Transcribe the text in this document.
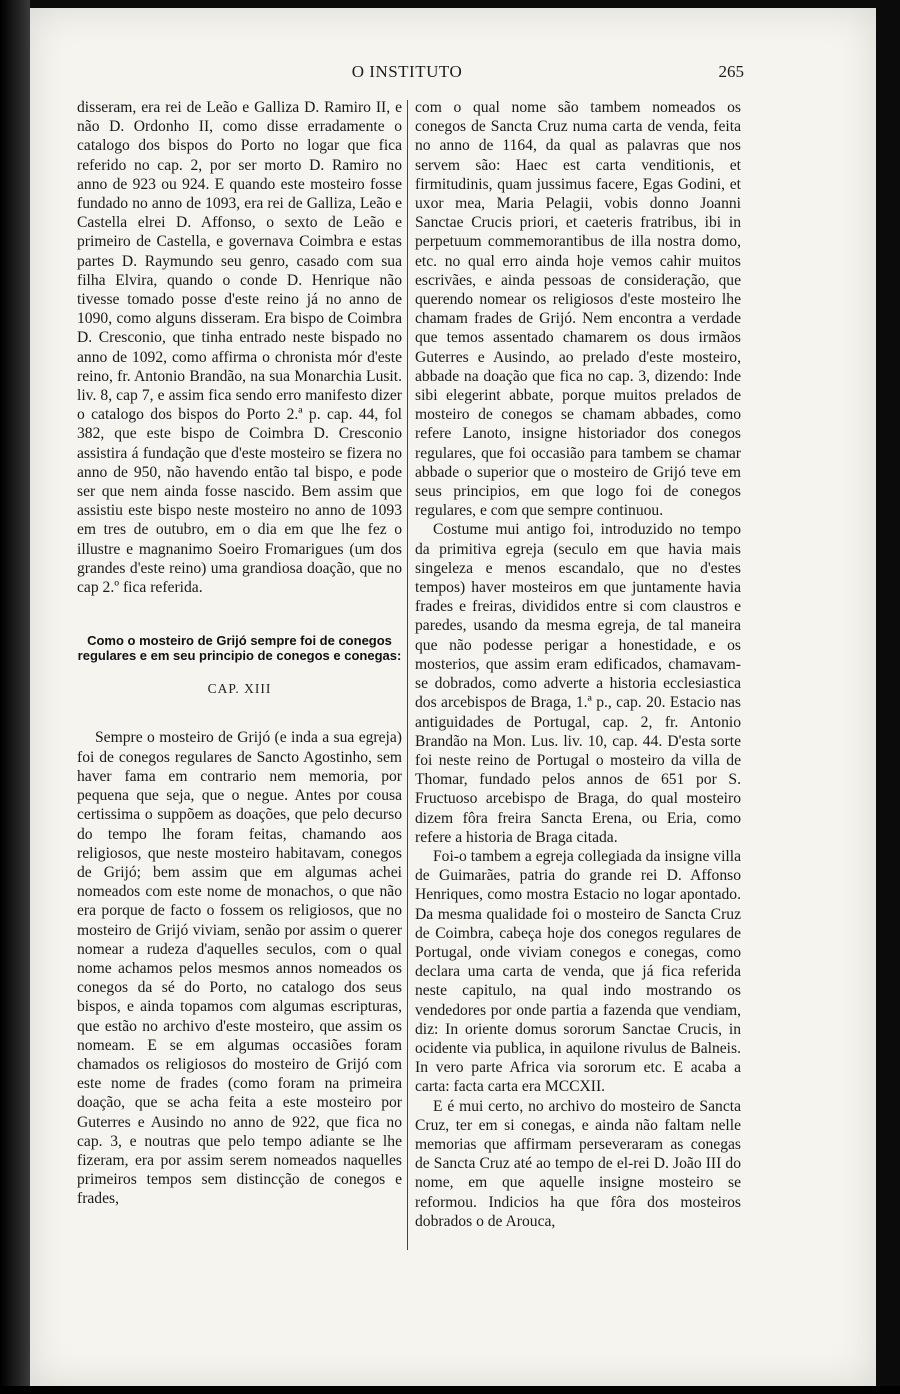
O INSTITUTO	265

disseram, era rei de Leão e Galliza D. Ramiro II, e não D. Ordonho II, como disse erradamente o catalogo dos bispos do Porto no logar que fica referido no cap. 2, por ser morto D. Ramiro no anno de 923 ou 924. E quando este mosteiro fosse fundado no anno de 1093, era rei de Galliza, Leão e Castella elrei D. Affonso, o sexto de Leão e primeiro de Castella, e governava Coimbra e estas partes D. Raymundo seu genro, casado com sua filha Elvira, quando o conde D. Henrique não tivesse tomado posse d'este reino já no anno de 1090, como alguns disseram. Era bispo de Coimbra D. Cresconio, que tinha entrado neste bispado no anno de 1092, como affirma o chronista mór d'este reino, fr. Antonio Brandão, na sua Monarchia Lusit. liv. 8, cap 7, e assim fica sendo erro manifesto dizer o catalogo dos bispos do Porto 2.ª p. cap. 44, fol 382, que este bispo de Coimbra D. Cresconio assistira á fundação que d'este mosteiro se fizera no anno de 950, não havendo então tal bispo, e pode ser que nem ainda fosse nascido. Bem assim que assistiu este bispo neste mosteiro no anno de 1093 em tres de outubro, em o dia em que lhe fez o illustre e magnanimo Soeiro Fromarigues (um dos grandes d'este reino) uma grandiosa doação, que no cap 2.º fica referida.

Como o mosteiro de Grijó sempre foi de conegos regulares e em seu principio de conegos e conegas:
CAP. XIII

Sempre o mosteiro de Grijó (e inda a sua egreja) foi de conegos regulares de Sancto Agostinho, sem haver fama em contrario nem memoria, por pequena que seja, que o negue. Antes por cousa certissima o suppõem as doações, que pelo decurso do tempo lhe foram feitas, chamando aos religiosos, que neste mosteiro habitavam, conegos de Grijó; bem assim que em algumas achei nomeados com este nome de monachos, o que não era porque de facto o fossem os religiosos, que no mosteiro de Grijó viviam, senão por assim o querer nomear a rudeza d'aquelles seculos, com o qual nome achamos pelos mesmos annos nomeados os conegos da sé do Porto, no catalogo dos seus bispos, e ainda topamos com algumas escripturas, que estão no archivo d'este mosteiro, que assim os nomeam. E se em algumas occasiões foram chamados os religiosos do mosteiro de Grijó com este nome de frades (como foram na primeira doação, que se acha feita a este mosteiro por Guterres e Ausindo no anno de 922, que fica no cap. 3, e noutras que pelo tempo adiante se lhe fizeram, era por assim serem nomeados naquelles primeiros tempos sem distincção de conegos e frades,

com o qual nome são tambem nomeados os conegos de Sancta Cruz numa carta de venda, feita no anno de 1164, da qual as palavras que nos servem são: Haec est carta venditionis, et firmitudinis, quam jussimus facere, Egas Godini, et uxor mea, Maria Pelagii, vobis donno Joanni Sanctae Crucis priori, et caeteris fratribus, ibi in perpetuum commemorantibus de illa nostra domo, etc. no qual erro ainda hoje vemos cahir muitos escrivães, e ainda pessoas de consideração, que querendo nomear os religiosos d'este mosteiro lhe chamam frades de Grijó. Nem encontra a verdade que temos assentado chamarem os dous irmãos Guterres e Ausindo, ao prelado d'este mosteiro, abbade na doação que fica no cap. 3, dizendo: Inde sibi elegerint abbate, porque muitos prelados de mosteiro de conegos se chamam abbades, como refere Lanoto, insigne historiador dos conegos regulares, que foi occasião para tambem se chamar abbade o superior que o mosteiro de Grijó teve em seus principios, em que logo foi de conegos regulares, e com que sempre continuou.

Costume mui antigo foi, introduzido no tempo da primitiva egreja (seculo em que havia mais singeleza e menos escandalo, que no d'estes tempos) haver mosteiros em que juntamente havia frades e freiras, divididos entre si com claustros e paredes, usando da mesma egreja, de tal maneira que não podesse perigar a honestidade, e os mosterios, que assim eram edificados, chamavam-se dobrados, como adverte a historia ecclesiastica dos arcebispos de Braga, 1.ª p., cap. 20. Estacio nas antiguidades de Portugal, cap. 2, fr. Antonio Brandão na Mon. Lus. liv. 10, cap. 44. D'esta sorte foi neste reino de Portugal o mosteiro da villa de Thomar, fundado pelos annos de 651 por S. Fructuoso arcebispo de Braga, do qual mosteiro dizem fôra freira Sancta Erena, ou Eria, como refere a historia de Braga citada.

Foi-o tambem a egreja collegiada da insigne villa de Guimarães, patria do grande rei D. Affonso Henriques, como mostra Estacio no logar apontado. Da mesma qualidade foi o mosteiro de Sancta Cruz de Coimbra, cabeça hoje dos conegos regulares de Portugal, onde viviam conegos e conegas, como declara uma carta de venda, que já fica referida neste capitulo, na qual indo mostrando os vendedores por onde partia a fazenda que vendiam, diz: In oriente domus sororum Sanctae Crucis, in ocidente via publica, in aquilone rivulus de Balneis. In vero parte Africa via sororum etc. E acaba a carta: facta carta era MCCXII.

E é mui certo, no archivo do mosteiro de Sancta Cruz, ter em si conegas, e ainda não faltam nelle memorias que affirmam perseveraram as conegas de Sancta Cruz até ao tempo de el-rei D. João III do nome, em que aquelle insigne mosteiro se reformou. Indicios ha que fôra dos mosteiros dobrados o de Arouca,
